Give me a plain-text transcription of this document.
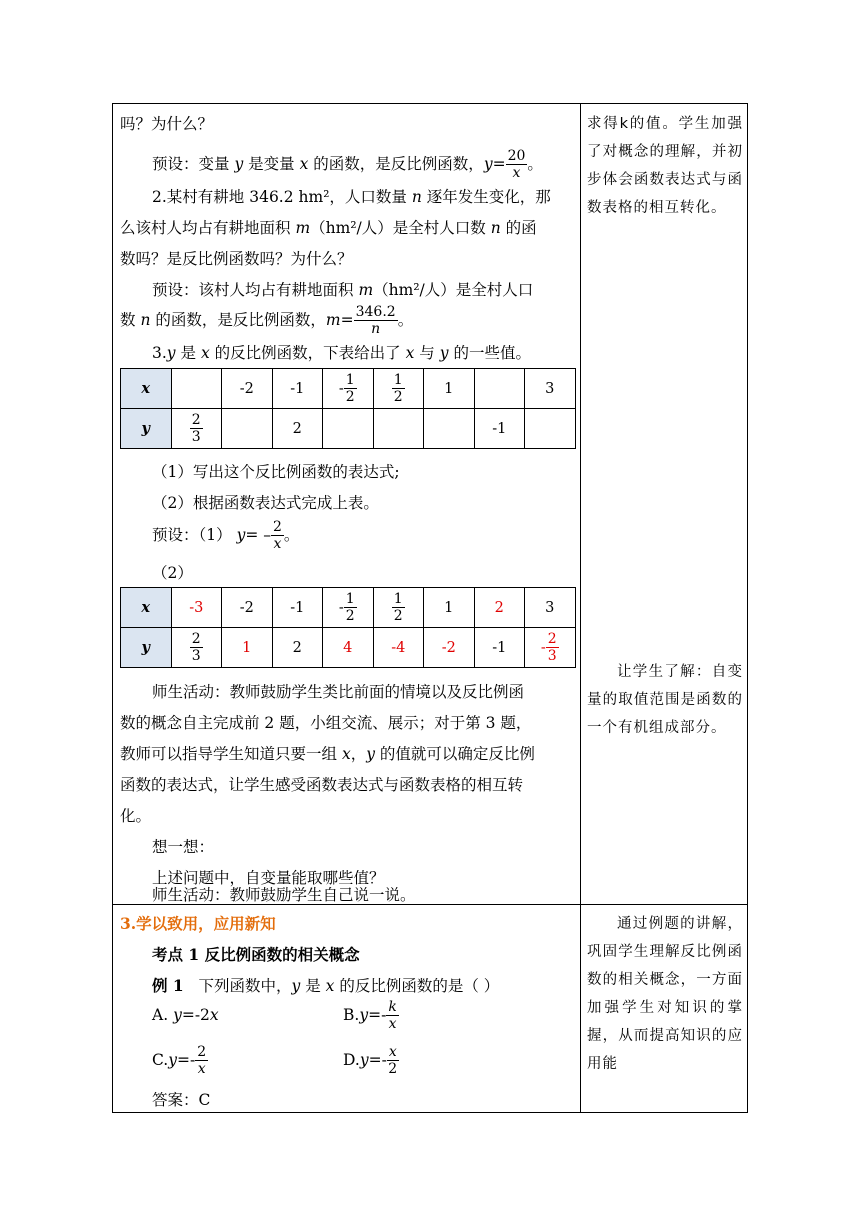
吗？为什么？
预设：变量
y
是变量
x
的函数，是反比例函数， $y = \frac{20}{x}$ 。
2.某村有耕地 346.2 hm²，人口数量 n 逐年发生变化，那
么该村人均占有耕地面积 m（hm²/人）是全村人口数 n 的函
数吗？是反比例函数吗？为什么？
预设：该村人均占有耕地面积 m（hm²/人）是全村人口
数
n
的函数，是反比例函数， $m = \frac{346.2}{n}$ 。
3.y 是 x 的反比例函数，下表给出了 x 与 y 的一些值。
x		-2	-1	- $\frac{1}{2}$	$\frac{1}{2}$	1		3
y	$\frac{2}{3}$		2				-1	
（1）写出这个反比例函数的表达式;
（2）根据函数表达式完成上表。
预设：（1）
y = – $\frac{2}{x}$ 。
（2）
x	-3	-2	-1	- $\frac{1}{2}$	$\frac{1}{2}$	1	2	3
y	$\frac{2}{3}$	1	2	4	-4	-2	-1	- $\frac{2}{3}$
师生活动：教师鼓励学生类比前面的情境以及反比例函
数的概念自主完成前 2 题，小组交流、展示；对于第 3 题，
教师可以指导学生知道只要一组 x，y 的值就可以确定反比例
函数的表达式，让学生感受函数表达式与函数表格的相互转
化。
想一想：
上述问题中，自变量能取哪些值？
师生活动：教师鼓励学生自己说一说。
3.学以致用，应用新知
考点 1 反比例函数的相关概念
例 1 下列函数中，y 是 x 的反比例函数的是（ ）
A. y=-2x	B. $y =- \frac{k}{x}$
C. $y =- \frac{2}{x}$	D. $y =- \frac{x}{2}$
答案：C
求得k的值。学生加强了对概念的理解，并初步体会函数表达式与函数表格的相互转化。
让学生了解：自变量的取值范围是函数的一个有机组成部分。
通过例题的讲解，巩固学生理解反比例函数的相关概念，一方面加强学生对知识的掌握，从而提高知识的应用能
